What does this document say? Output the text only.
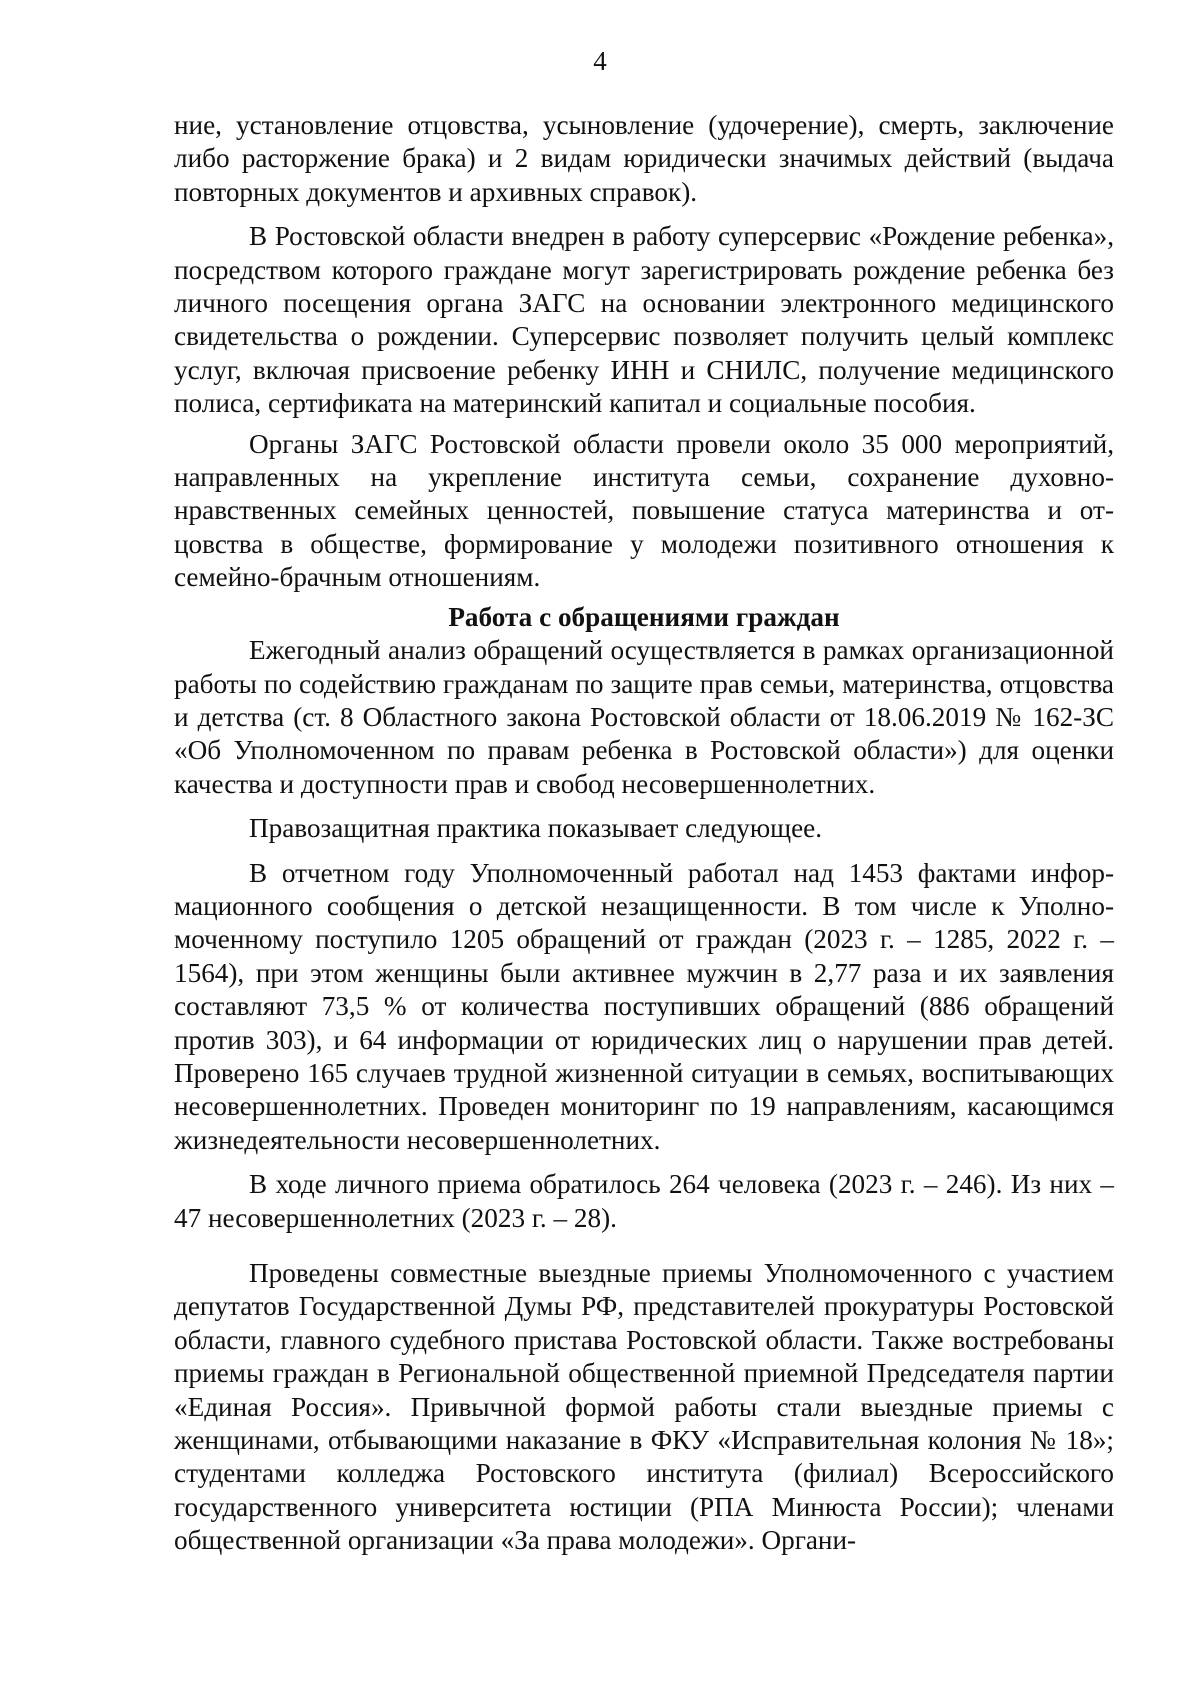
4

ние, установление отцовства, усыновление (удочерение), смерть, заключение либо расторжение брака) и 2 видам юридически значимых действий (выдача повторных документов и архивных справок).

В Ростовской области внедрен в работу суперсервис «Рождение ребенка», посредством которого граждане могут зарегистрировать рождение ребенка без личного посещения органа ЗАГС на основании электронного медицинского свидетельства о рождении. Суперсервис позволяет получить целый комплекс услуг, включая присвоение ребенку ИНН и СНИЛС, получение медицинского полиса, сертификата на материнский капитал и социальные пособия.

Органы ЗАГС Ростовской области провели около 35 000 мероприятий, направленных на укрепление института семьи, сохранение духовно-нравственных семейных ценностей, повышение статуса материнства и отцовства в обществе, формирование у молодежи позитивного отношения к семейно-брачным отношениям.

Работа с обращениями граждан

Ежегодный анализ обращений осуществляется в рамках организационной работы по содействию гражданам по защите прав семьи, материнства, отцовства и детства (ст. 8 Областного закона Ростовской области от 18.06.2019 № 162-ЗС «Об Уполномоченном по правам ребенка в Ростовской области») для оценки качества и доступности прав и свобод несовершеннолетних.

Правозащитная практика показывает следующее.

В отчетном году Уполномоченный работал над 1453 фактами информационного сообщения о детской незащищенности. В том числе к Уполномоченному поступило 1205 обращений от граждан (2023 г. – 1285, 2022 г. – 1564), при этом женщины были активнее мужчин в 2,77 раза и их заявления составляют 73,5 % от количества поступивших обращений (886 обращений против 303), и 64 информации от юридических лиц о нарушении прав детей. Проверено 165 случаев трудной жизненной ситуации в семьях, воспитывающих несовершеннолетних. Проведен мониторинг по 19 направлениям, касающимся жизнедеятельности несовершеннолетних.

В ходе личного приема обратилось 264 человека (2023 г. – 246). Из них – 47 несовершеннолетних (2023 г. – 28).

Проведены совместные выездные приемы Уполномоченного с участием депутатов Государственной Думы РФ, представителей прокуратуры Ростовской области, главного судебного пристава Ростовской области. Также востребованы приемы граждан в Региональной общественной приемной Председателя партии «Единая Россия». Привычной формой работы стали выездные приемы с женщинами, отбывающими наказание в ФКУ «Исправительная колония № 18»; студентами колледжа Ростовского института (филиал) Всероссийского государственного университета юстиции (РПА Минюста России); членами общественной организации «За права молодежи». Органи-
